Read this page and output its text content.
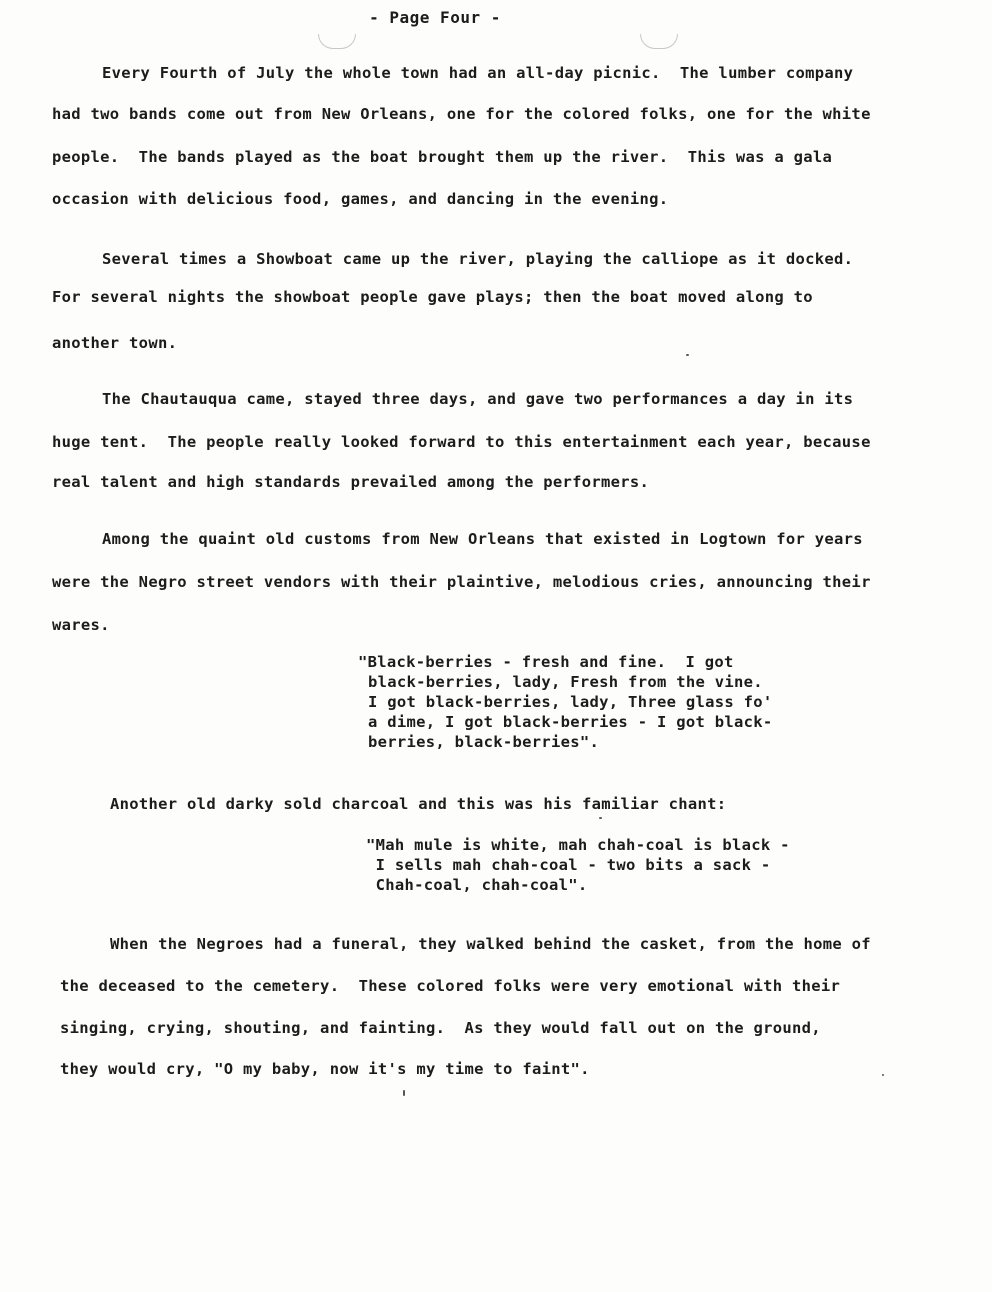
- Page Four -
Every Fourth of July the whole town had an all-day picnic.  The lumber company
had two bands come out from New Orleans, one for the colored folks, one for the white
people.  The bands played as the boat brought them up the river.  This was a gala
occasion with delicious food, games, and dancing in the evening.
Several times a Showboat came up the river, playing the calliope as it docked.
For several nights the showboat people gave plays; then the boat moved along to
another town.
The Chautauqua came, stayed three days, and gave two performances a day in its
huge tent.  The people really looked forward to this entertainment each year, because
real talent and high standards prevailed among the performers.
Among the quaint old customs from New Orleans that existed in Logtown for years
were the Negro street vendors with their plaintive, melodious cries, announcing their
wares.
"Black-berries - fresh and fine.  I got
black-berries, lady, Fresh from the vine.
I got black-berries, lady, Three glass fo'
a dime, I got black-berries - I got black-
berries, black-berries".
Another old darky sold charcoal and this was his familiar chant:
"Mah mule is white, mah chah-coal is black -
I sells mah chah-coal - two bits a sack -
Chah-coal, chah-coal".
When the Negroes had a funeral, they walked behind the casket, from the home of
the deceased to the cemetery.  These colored folks were very emotional with their
singing, crying, shouting, and fainting.  As they would fall out on the ground,
they would cry, "O my baby, now it's my time to faint".
